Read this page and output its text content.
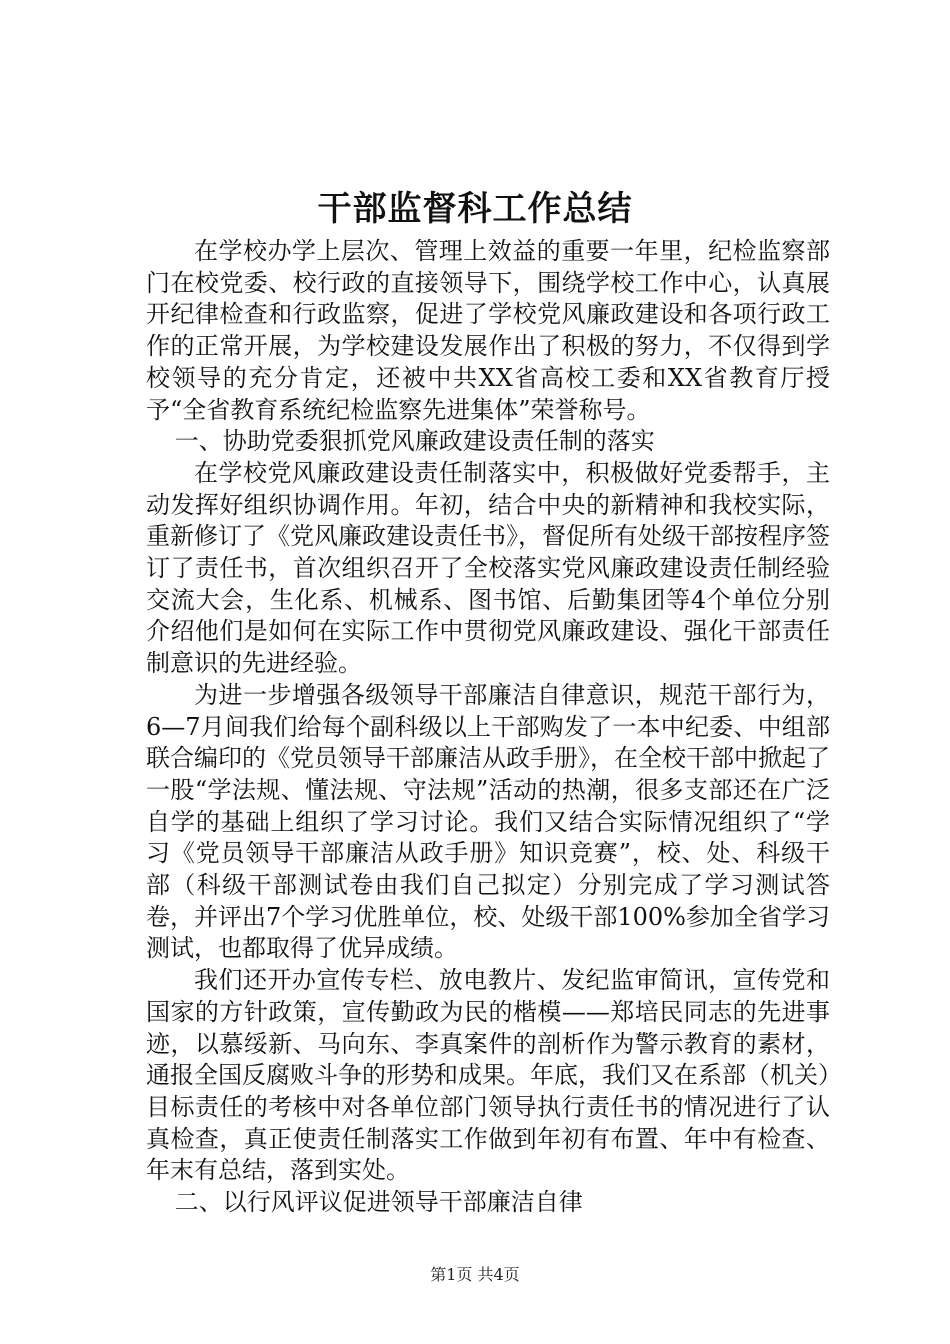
干部监督科工作总结

在学校办学上层次、管理上效益的重要一年里，纪检监察部门在校党委、校行政的直接领导下，围绕学校工作中心，认真展开纪律检查和行政监察，促进了学校党风廉政建设和各项行政工作的正常开展，为学校建设发展作出了积极的努力，不仅得到学校领导的充分肯定，还被中共XX省高校工委和XX省教育厅授予“全省教育系统纪检监察先进集体”荣誉称号。

一、协助党委狠抓党风廉政建设责任制的落实

在学校党风廉政建设责任制落实中，积极做好党委帮手，主动发挥好组织协调作用。年初，结合中央的新精神和我校实际，重新修订了《党风廉政建设责任书》，督促所有处级干部按程序签订了责任书，首次组织召开了全校落实党风廉政建设责任制经验交流大会，生化系、机械系、图书馆、后勤集团等4个单位分别介绍他们是如何在实际工作中贯彻党风廉政建设、强化干部责任制意识的先进经验。

为进一步增强各级领导干部廉洁自律意识，规范干部行为，6—7月间我们给每个副科级以上干部购发了一本中纪委、中组部联合编印的《党员领导干部廉洁从政手册》，在全校干部中掀起了一股“学法规、懂法规、守法规”活动的热潮，很多支部还在广泛自学的基础上组织了学习讨论。我们又结合实际情况组织了“学习《党员领导干部廉洁从政手册》知识竞赛”，校、处、科级干部（科级干部测试卷由我们自己拟定）分别完成了学习测试答卷，并评出7个学习优胜单位，校、处级干部100%参加全省学习测试，也都取得了优异成绩。

我们还开办宣传专栏、放电教片、发纪监审简讯，宣传党和国家的方针政策，宣传勤政为民的楷模——郑培民同志的先进事迹，以慕绥新、马向东、李真案件的剖析作为警示教育的素材，通报全国反腐败斗争的形势和成果。年底，我们又在系部（机关）目标责任的考核中对各单位部门领导执行责任书的情况进行了认真检查，真正使责任制落实工作做到年初有布置、年中有检查、年末有总结，落到实处。

二、以行风评议促进领导干部廉洁自律

第1页 共4页
